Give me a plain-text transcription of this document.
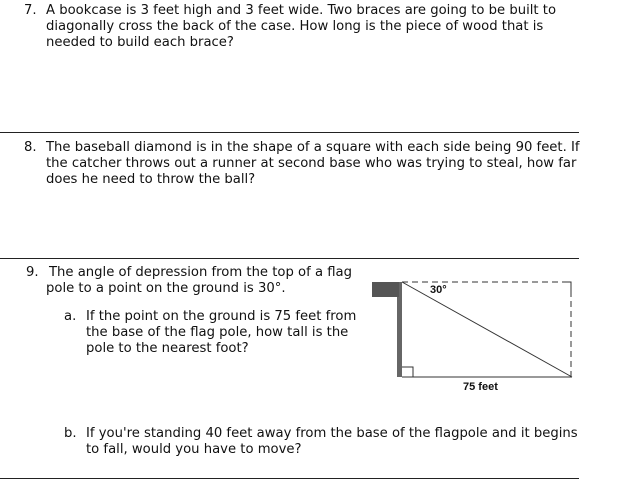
7. A bookcase is 3 feet high and 3 feet wide. Two braces are going to be built to
diagonally cross the back of the case. How long is the piece of wood that is
needed to build each brace?
8. The baseball diamond is in the shape of a square with each side being 90 feet. If
the catcher throws out a runner at second base who was trying to steal, how far
does he need to throw the ball?
9. The angle of depression from the top of a flag
pole to a point on the ground is 30°.
a. If the point on the ground is 75 feet from
the base of the flag pole, how tall is the
pole to the nearest foot?
30°
75 feet
b. If you're standing 40 feet away from the base of the flagpole and it begins
to fall, would you have to move?
